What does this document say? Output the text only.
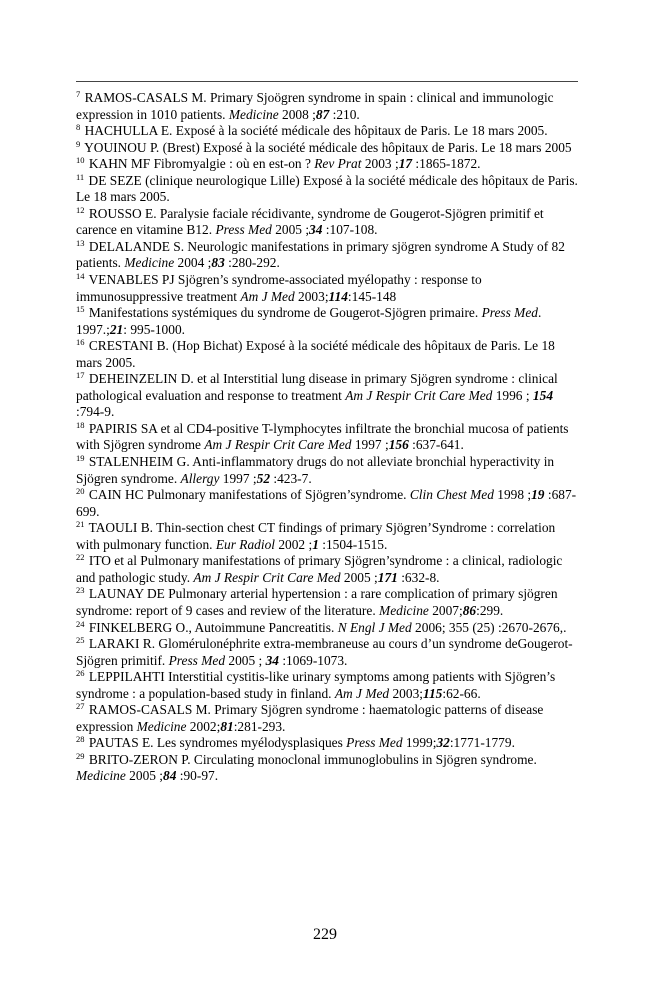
$^7$ RAMOS-CASALS M. Primary Sjoögren syndrome in spain : clinical and immunologic expression in 1010 patients. Medicine 2008 ;87 :210.

$^8$ HACHULLA E. Exposé à la société médicale des hôpitaux de Paris. Le 18 mars 2005.

$^9$ YOUINOU P. (Brest) Exposé à la société médicale des hôpitaux de Paris. Le 18 mars 2005

$^{10}$ KAHN MF Fibromyalgie : où en est-on ? Rev Prat 2003 ;17 :1865-1872.

$^{11}$ DE SEZE (clinique neurologique Lille) Exposé à la société médicale des hôpitaux de Paris. Le 18 mars 2005.

$^{12}$ ROUSSO E. Paralysie faciale récidivante, syndrome de Gougerot-Sjögren primitif et carence en vitamine B12. Press Med 2005 ;34 :107-108.

$^{13}$ DELALANDE S. Neurologic manifestations in primary sjögren syndrome A Study of 82 patients. Medicine 2004 ;83 :280-292.

$^{14}$ VENABLES PJ Sjögren’s syndrome-associated myélopathy : response to immunosuppressive treatment Am J Med 2003;114:145-148

$^{15}$ Manifestations systémiques du syndrome de Gougerot-Sjögren primaire. Press Med. 1997.;21: 995-1000.

$^{16}$ CRESTANI B. (Hop Bichat) Exposé à la société médicale des hôpitaux de Paris. Le 18 mars 2005.

$^{17}$ DEHEINZELIN D. et al Interstitial lung disease in primary Sjögren syndrome : clinical pathological evaluation and response to treatment Am J Respir Crit Care Med 1996 ; 154 :794-9.

$^{18}$ PAPIRIS SA et al CD4-positive T-lymphocytes infiltrate the bronchial mucosa of patients with Sjögren syndrome Am J Respir Crit Care Med 1997 ;156 :637-641.

$^{19}$ STALENHEIM G. Anti-inflammatory drugs do not alleviate bronchial hyperactivity in Sjögren syndrome. Allergy 1997 ;52 :423-7.

$^{20}$ CAIN HC Pulmonary manifestations of Sjögren’syndrome. Clin Chest Med 1998 ;19 :687-699.

$^{21}$ TAOULI B. Thin-section chest CT findings of primary Sjögren’Syndrome : correlation with pulmonary function. Eur Radiol 2002 ;1 :1504-1515.

$^{22}$ ITO et al Pulmonary manifestations of primary Sjögren’syndrome : a clinical, radiologic and pathologic study. Am J Respir Crit Care Med 2005 ;171 :632-8.

$^{23}$ LAUNAY DE Pulmonary arterial hypertension : a rare complication of primary sjögren syndrome: report of 9 cases and review of the literature. Medicine 2007;86:299.

$^{24}$ FINKELBERG O., Autoimmune Pancreatitis. N Engl J Med 2006; 355 (25) :2670-2676,.

$^{25}$ LARAKI R. Glomérulonéphrite extra-membraneuse au cours d’un syndrome deGougerot-Sjögren primitif. Press Med 2005 ; 34 :1069-1073.

$^{26}$ LEPPILAHTI Interstitial cystitis-like urinary symptoms among patients with Sjögren’s syndrome : a population-based study in finland. Am J Med 2003;115:62-66.

$^{27}$ RAMOS-CASALS M. Primary Sjögren syndrome : haematologic patterns of disease expression Medicine 2002;81:281-293.

$^{28}$ PAUTAS E. Les syndromes myélodysplasiques Press Med 1999;32:1771-1779.

$^{29}$ BRITO-ZERON P. Circulating monoclonal immunoglobulins in Sjögren syndrome. Medicine 2005 ;84 :90-97.

229
